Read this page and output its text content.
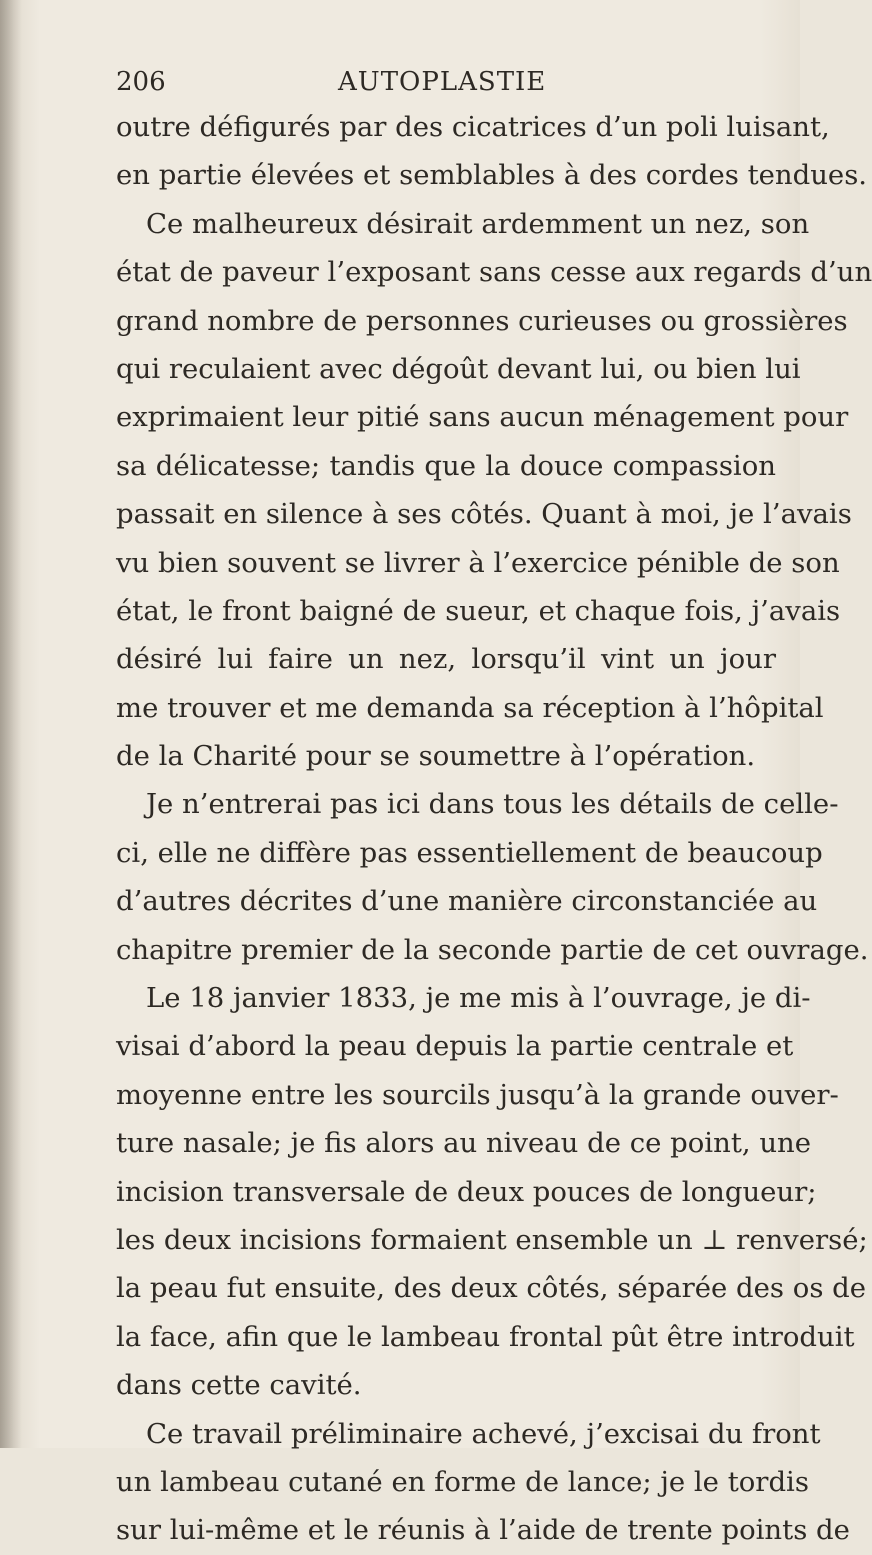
206	AUTOPLASTIE
outre défigurés par des cicatrices d’un poli luisant,
en partie élevées et semblables à des cordes tendues.
Ce malheureux désirait ardemment un nez, son
état de paveur l’exposant sans cesse aux regards d’un
grand nombre de personnes curieuses ou grossières
qui reculaient avec dégoût devant lui, ou bien lui
exprimaient leur pitié sans aucun ménagement pour
sa délicatesse; tandis que la douce compassion
passait en silence à ses côtés. Quant à moi, je l’avais
vu bien souvent se livrer à l’exercice pénible de son
état, le front baigné de sueur, et chaque fois, j’avais
désiré lui faire un nez, lorsqu’il vint un jour
me trouver et me demanda sa réception à l’hôpital
de la Charité pour se soumettre à l’opération.
Je n’entrerai pas ici dans tous les détails de celle-
ci, elle ne diffère pas essentiellement de beaucoup
d’autres décrites d’une manière circonstanciée au
chapitre premier de la seconde partie de cet ouvrage.
Le 18 janvier 1833, je me mis à l’ouvrage, je di-
visai d’abord la peau depuis la partie centrale et
moyenne entre les sourcils jusqu’à la grande ouver-
ture nasale; je fis alors au niveau de ce point, une
incision transversale de deux pouces de longueur;
les deux incisions formaient ensemble un ⊥ renversé;
la peau fut ensuite, des deux côtés, séparée des os de
la face, afin que le lambeau frontal pût être introduit
dans cette cavité.
Ce travail préliminaire achevé, j’excisai du front
un lambeau cutané en forme de lance; je le tordis
sur lui-même et le réunis à l’aide de trente points de
